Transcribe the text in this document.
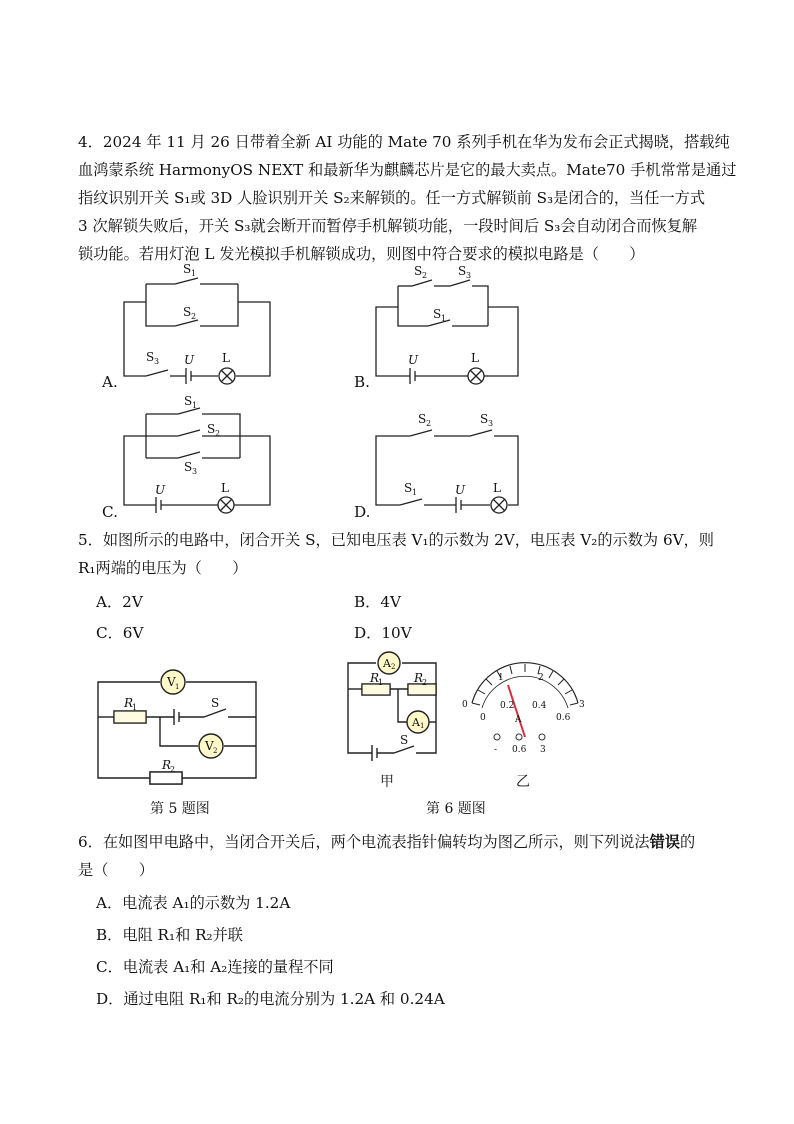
4．2024 年 11 月 26 日带着全新 AI 功能的 Mate 70 系列手机在华为发布会正式揭晓，搭载纯
血鸿蒙系统 HarmonyOS NEXT 和最新华为麒麟芯片是它的最大卖点。Mate70 手机常常是通过
指纹识别开关 S₁或 3D 人脸识别开关 S₂来解锁的。任一方式解锁前 S₃是闭合的，当任一方式
3 次解锁失败后，开关 S₃就会断开而暂停手机解锁功能，一段时间后 S₃会自动闭合而恢复解
锁功能。若用灯泡 L 发光模拟手机解锁成功，则图中符合要求的模拟电路是（　　）
A.	B.
C.	D.
S 1
S 2
S 3 U L
S 2	S 3
S 1
U	L
S 1
S 2
S 3
U	L
S 2	S 3
S 1	U L
5．如图所示的电路中，闭合开关 S，已知电压表 V₁的示数为 2V，电压表 V₂的示数为 6V，则
R₁两端的电压为（　　）
A．2V	B．4V
C．6V	D．10V
V 1
V 2
R
1
R
2
S
A 2
A 1
R
1	R
2
S
0
1	2
3
0
0.2 0.4
0.6
A
- 0.6 3
甲	乙
第 5 题图	第 6 题图
6．在如图甲电路中，当闭合开关后，两个电流表指针偏转均为图乙所示，则下列说法错误的
是（　　）
A．电流表 A₁的示数为 1.2A
B．电阻 R₁和 R₂并联
C．电流表 A₁和 A₂连接的量程不同
D．通过电阻 R₁和 R₂的电流分别为 1.2A 和 0.24A
